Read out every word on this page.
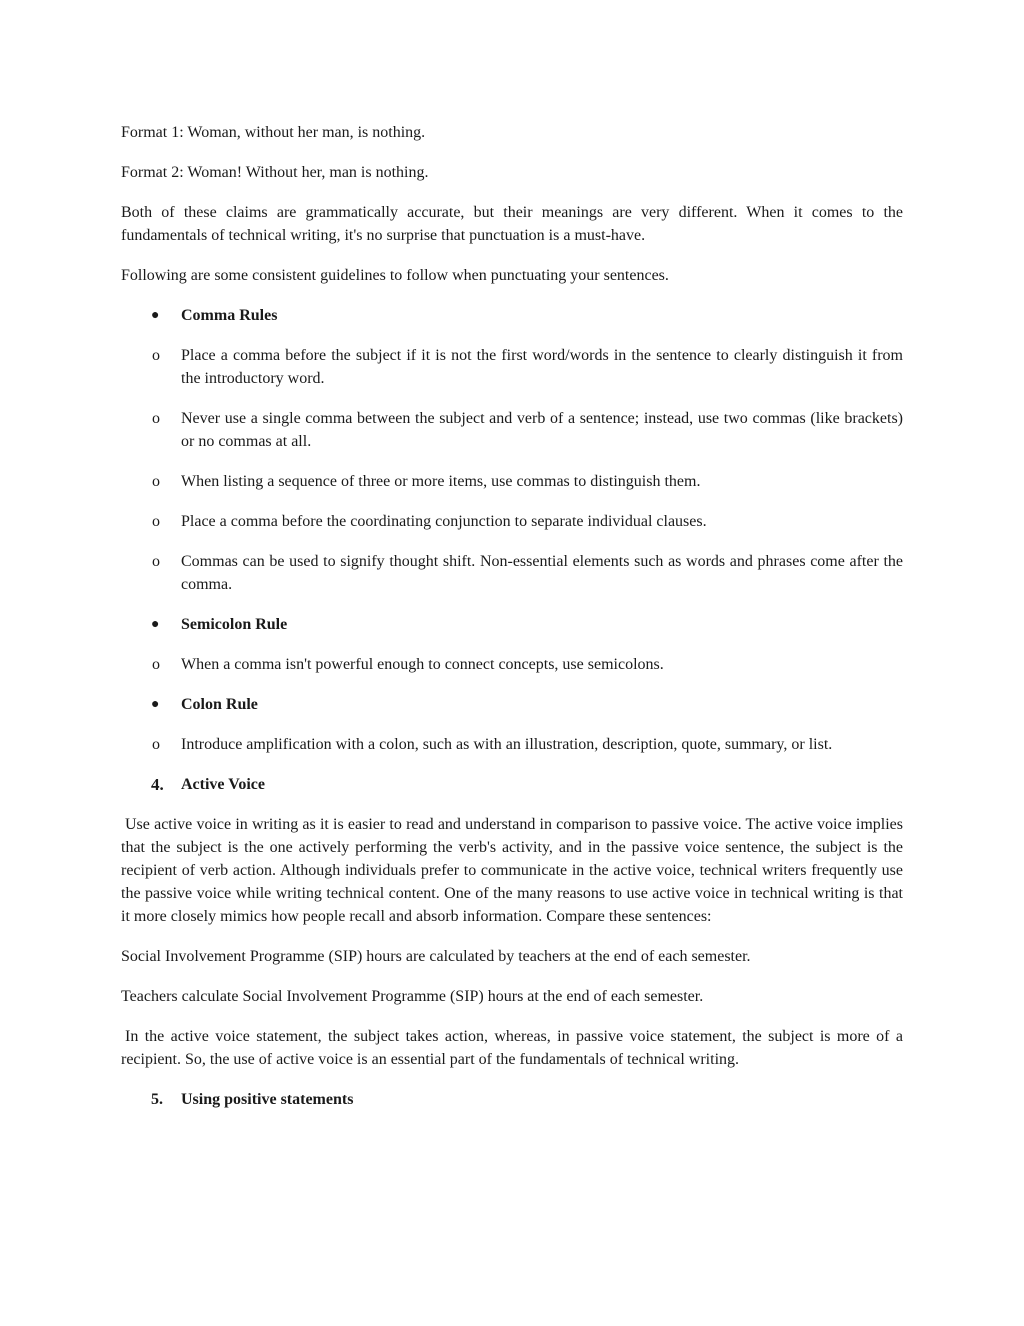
Format 1: Woman, without her man, is nothing.

Format 2: Woman! Without her, man is nothing.

Both of these claims are grammatically accurate, but their meanings are very different. When it comes to the fundamentals of technical writing, it's no surprise that punctuation is a must-have.

Following are some consistent guidelines to follow when punctuating your sentences.

●	Comma Rules
o	Place a comma before the subject if it is not the first word/words in the sentence to clearly distinguish it from the introductory word.
o	Never use a single comma between the subject and verb of a sentence; instead, use two commas (like brackets) or no commas at all.
o	When listing a sequence of three or more items, use commas to distinguish them.
o	Place a comma before the coordinating conjunction to separate individual clauses.
o	Commas can be used to signify thought shift. Non-essential elements such as words and phrases come after the comma.
●	Semicolon Rule
o	When a comma isn't powerful enough to connect concepts, use semicolons.
●	Colon Rule
o	Introduce amplification with a colon, such as with an illustration, description, quote, summary, or list.
4.	Active Voice

Use active voice in writing as it is easier to read and understand in comparison to passive voice. The active voice implies that the subject is the one actively performing the verb's activity, and in the passive voice sentence, the subject is the recipient of verb action. Although individuals prefer to communicate in the active voice, technical writers frequently use the passive voice while writing technical content. One of the many reasons to use active voice in technical writing is that it more closely mimics how people recall and absorb information. Compare these sentences:

Social Involvement Programme (SIP) hours are calculated by teachers at the end of each semester.

Teachers calculate Social Involvement Programme (SIP) hours at the end of each semester.

In the active voice statement, the subject takes action, whereas, in passive voice statement, the subject is more of a recipient. So, the use of active voice is an essential part of the fundamentals of technical writing.

5.	Using positive statements
